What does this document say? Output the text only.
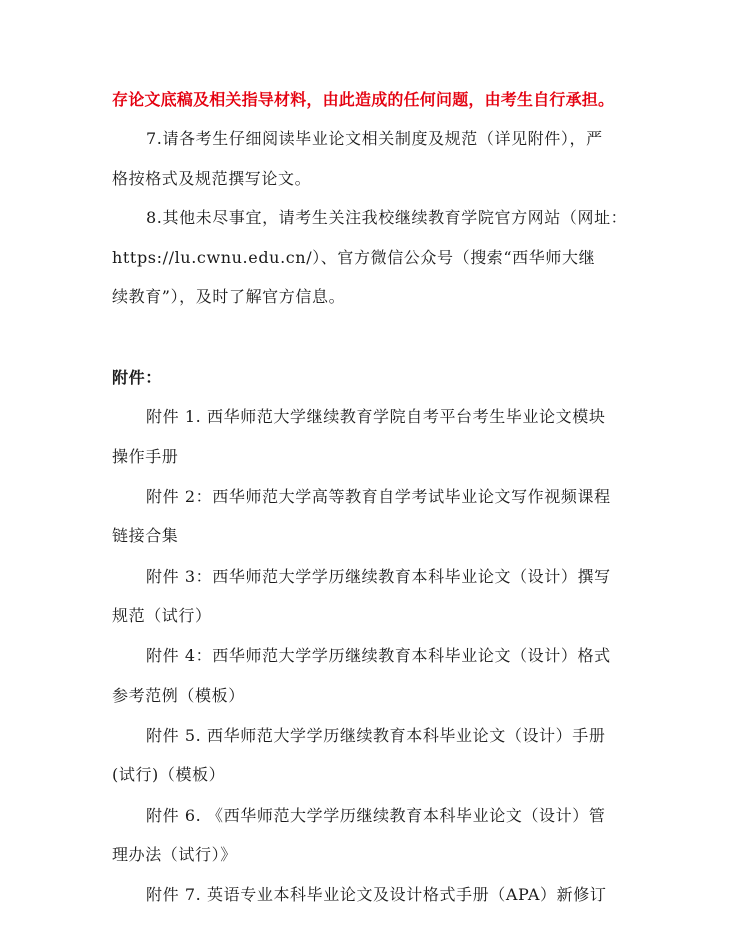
存论文底稿及相关指导材料，由此造成的任何问题，由考生自行承担。
7.请各考生仔细阅读毕业论文相关制度及规范（详见附件），严
格按格式及规范撰写论文。
8.其他未尽事宜，请考生关注我校继续教育学院官方网站（网址：
https://lu.cwnu.edu.cn/）、官方微信公众号（搜索“西华师大继
续教育”），及时了解官方信息。
附件：
附件 1. 西华师范大学继续教育学院自考平台考生毕业论文模块
操作手册
附件 2：西华师范大学高等教育自学考试毕业论文写作视频课程
链接合集
附件 3：西华师范大学学历继续教育本科毕业论文（设计）撰写
规范（试行）
附件 4：西华师范大学学历继续教育本科毕业论文（设计）格式
参考范例（模板）
附件 5. 西华师范大学学历继续教育本科毕业论文（设计）手册
(试行)（模板）
附件 6. 《西华师范大学学历继续教育本科毕业论文（设计）管
理办法（试行）》
附件 7. 英语专业本科毕业论文及设计格式手册（APA）新修订
